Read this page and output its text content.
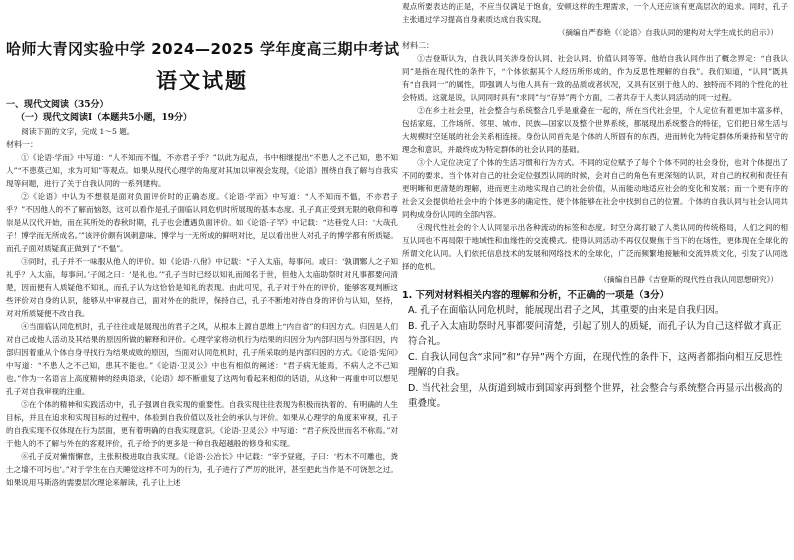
哈师大青冈实验中学 2024—2025 学年度高三期中考试
语文试题

一、现代文阅读（35分）

（一）现代文阅读Ⅰ（本题共5小题，19分）

阅读下面的文字，完成 1～5 题。

材料一：

①《论语·学而》中写道：“人不知而不愠，不亦君子乎？”以此为起点，书中相继提出“不患人之不己知，患不知人”“不患莫己知，求为可知”等观点。如果从现代心理学的角度对其加以审视会发现，《论语》围绕自我了解与自我实现等问题，进行了关于自我认同的一系列建构。

②《论语》中认为不想很是面对负面评价时的正确态度。《论语·学而》中写道：“人不知而不愠，不亦君子乎？”不因他人的不了解而恼怒，这可以看作是孔子面临认同危机时所展现的基本态度。孔子真正受到无限的敬仰和尊崇是从汉代开始，而在其所处的春秋时期，孔子也会遭遇负面评价。如《论语·子罕》中记载：“达巷党人曰：‘大哉孔子！博学而无所成名。’”该评价颇有讽刺意味。博学与一无所成的鲜明对比，足以看出世人对孔子的博学都有所质疑。而孔子面对质疑真正做到了“不愠”。

③同时，孔子并不一味服从他人的评价。如《论语·八佾》中记载：“子入太庙，每事问。或曰：‘孰谓鄹人之子知礼乎？入太庙，每事问。’子闻之曰：‘是礼也。’”孔子当时已经以知礼而闻名于世，但他入太庙助祭时对凡事都要问清楚，因而便有人质疑他不知礼，而孔子认为这恰恰是知礼的表现。由此可见，孔子对于外在的评价，能够客观判断这些评价对自身的认识，能够从中审视自己，面对外在的批评，保持自己，孔子不断地对待自身的评价与认知，坚持，对对所质疑便不改自我。

④当面临认同危机时，孔子往往或是展现出的君子之风，从根本上源自思维上“内自省”的归因方式。归因是人们对自己或他人活动及其结果的原因所做的解释和评价。心理学家将动机行为结果的归因分为内部归因与外部归因，内部归因着重从个体自身寻找行为结果成败的原因，当面对认同危机时，孔子所采取的是内部归因的方式。《论语·宪问》中写道：“不患人之不己知，患其不能也。”《论语·卫灵公》中也有相似的阐述：“君子病无能焉，不病人之不己知也。”作为一名语言上高度精神的经典语录，《论语》却不断重复了这两句看起来相似的话语，从这种一再重申可以想见孔子对自我审视的注重。

⑤在个体的精神和实践活动中，孔子强调自我实现的重要性。自我实现往往表现为积极而执着的、有明确的人生目标，并且在追求和实现目标的过程中，体验到自我价值以及社会的承认与评价。如果从心理学的角度来审视，孔子的自我实现不仅体现在行为层面，更有着明确的自我实现意识。《论语·卫灵公》中写道：“君子疾没世而名不称焉。”对于他人的不了解与外在的客观评价，孔子给予的更多是一种自我超越般的修身和实现。

⑥孔子反对懒惰懈怠，主张积极进取自我实现。《论语·公冶长》中记载：“宰予昼寝，子曰：‘朽木不可雕也，粪土之墙不可圬也’。”对于学生在白天睡觉这样不可为的行为，孔子进行了严厉的批评，甚至把此当作是不可饶恕之过。如果说用马斯洛的需要层次理论来解读，孔子让上述

观点所要表达的正是，不应当仅满足于饱食，安顿这样的生理需求，一个人还应该有更高层次的追求。同时，孔子主张通过学习提高自身素质达成自我实现。

（摘编自严春艳《〈论语〉自我认同的建构对大学生成长的启示》）

材料二：

①吉登斯认为，自我认同关涉身份认同、社会认同、价值认同等等。他给自我认同作出了概念界定：“自我认同”是指在现代性的条件下，“个体依据其个人经历所形成的，作为反思性理解的自我”。我们知道，“认同”既具有“自我同一”的属性，即强调人与他人具有一致的品质或者状况，又具有区别于他人的、独特而不同的个性化的社会特质。这就是说，认同同时具有“求同”与“存异”两个方面，二者共存于人类认同活动的同一过程。

②在乡土社会里，社会整合与系统整合几乎是重叠在一起的，所在当代社会里，个人定位有着更加丰富多样，包括家庭、工作场所、邻里、城市、民族—国家以及整个世界系统，都展现出系统整合的特征，它们把日常生活与大规模时空延展的社会关系相连接。身份认同首先是个体的人所固有的东西，进而转化为特定群体所秉持和坚守的理念和意识，并最终成为特定群体的社会认同的基础。

③个人定位决定了个体的生活习惯和行为方式。不同的定位赋予了每个个体不同的社会身份，也对个体提出了不同的要求。当个体对自己的社会定位强烈认同的时候，会对自己的角色有更深刻的认识，对自己的权利和责任有更明晰和更清楚的理解，进而更主动地实现自己的社会价值，从而能动地适应社会的变化和发展；而一个更有序的社会又会提供给社会中的个体更多的确定性，使个体能够在社会中找到自己的位置。个体的自我认同与社会认同共同构成身份认同的全部内容。

④现代性社会的个人认同显示出各种流动的标签和态度。时空分离打破了人类认同的传统格局，人们之间的相互认同也不再局限于地域性和血缘性的交流模式。使得认同活动不再仅仅聚焦于当下的在场性，更体现在全球化的所谓文化认同。人们依托信息技术的发展和网络技术的全球化，广泛而频繁地接触和交流异质文化，引发了认同选择的危机。

（摘编自吕静《吉登斯的现代性自我认同思想研究》）

1. 下列对材料相关内容的理解和分析，不正确的一项是（3分）

A. 孔子在面临认同危机时，能展现出君子之风，其重要的由来是自我归因。

B. 孔子入太庙助祭时凡事都要问清楚，引起了别人的质疑，而孔子认为自己这样做才真正符合礼。

C. 自我认同包含“求同”和“存异”两个方面，在现代性的条件下，这两者都指向相互反思性理解的自我。

D. 当代社会里，从街道到城市到国家再到整个世界，社会整合与系统整合再显示出极高的重叠度。
